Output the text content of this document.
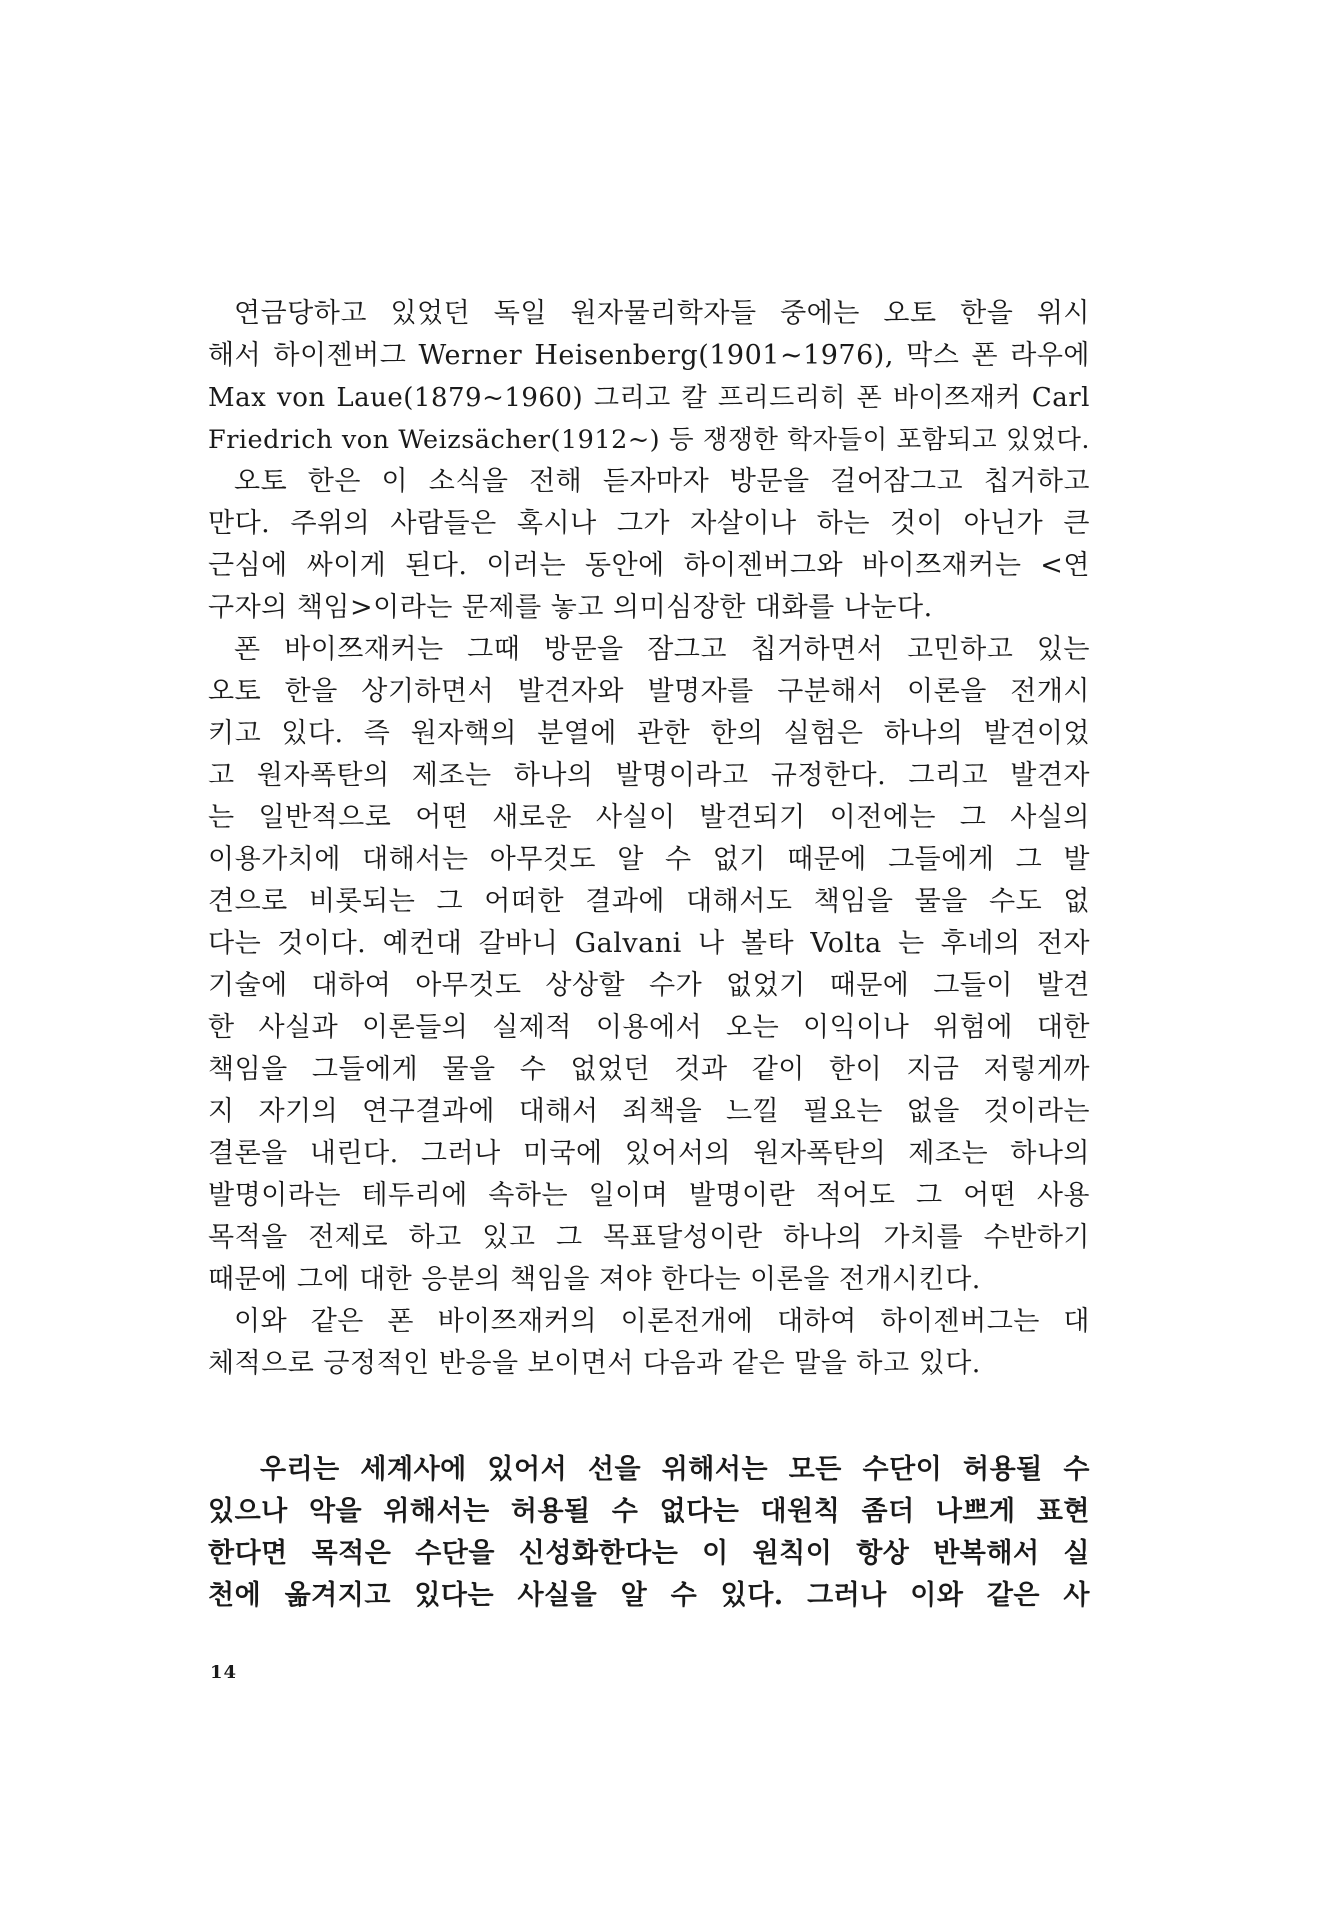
연금당하고 있었던 독일 원자물리학자들 중에는 오토 한을 위시
해서 하이젠버그 Werner Heisenberg(1901~1976), 막스 폰 라우에
Max von Laue(1879~1960) 그리고 칼 프리드리히 폰 바이쯔재커 Carl
Friedrich von Weizsächer(1912~) 등 쟁쟁한 학자들이 포함되고 있었다.
오토 한은 이 소식을 전해 듣자마자 방문을 걸어잠그고 칩거하고
만다. 주위의 사람들은 혹시나 그가 자살이나 하는 것이 아닌가 큰
근심에 싸이게 된다. 이러는 동안에 하이젠버그와 바이쯔재커는 <연
구자의 책임>이라는 문제를 놓고 의미심장한 대화를 나눈다.
폰 바이쯔재커는 그때 방문을 잠그고 칩거하면서 고민하고 있는
오토 한을 상기하면서 발견자와 발명자를 구분해서 이론을 전개시
키고 있다. 즉 원자핵의 분열에 관한 한의 실험은 하나의 발견이었
고 원자폭탄의 제조는 하나의 발명이라고 규정한다. 그리고 발견자
는 일반적으로 어떤 새로운 사실이 발견되기 이전에는 그 사실의
이용가치에 대해서는 아무것도 알 수 없기 때문에 그들에게 그 발
견으로 비롯되는 그 어떠한 결과에 대해서도 책임을 물을 수도 없
다는 것이다. 예컨대 갈바니 Galvani 나 볼타 Volta 는 후네의 전자
기술에 대하여 아무것도 상상할 수가 없었기 때문에 그들이 발견
한 사실과 이론들의 실제적 이용에서 오는 이익이나 위험에 대한
책임을 그들에게 물을 수 없었던 것과 같이 한이 지금 저렇게까
지 자기의 연구결과에 대해서 죄책을 느낄 필요는 없을 것이라는
결론을 내린다. 그러나 미국에 있어서의 원자폭탄의 제조는 하나의
발명이라는 테두리에 속하는 일이며 발명이란 적어도 그 어떤 사용
목적을 전제로 하고 있고 그 목표달성이란 하나의 가치를 수반하기
때문에 그에 대한 응분의 책임을 져야 한다는 이론을 전개시킨다.
이와 같은 폰 바이쯔재커의 이론전개에 대하여 하이젠버그는 대
체적으로 긍정적인 반응을 보이면서 다음과 같은 말을 하고 있다.
우리는 세계사에 있어서 선을 위해서는 모든 수단이 허용될 수
있으나 악을 위해서는 허용될 수 없다는 대원칙 좀더 나쁘게 표현
한다면 목적은 수단을 신성화한다는 이 원칙이 항상 반복해서 실
천에 옮겨지고 있다는 사실을 알 수 있다. 그러나 이와 같은 사
14
